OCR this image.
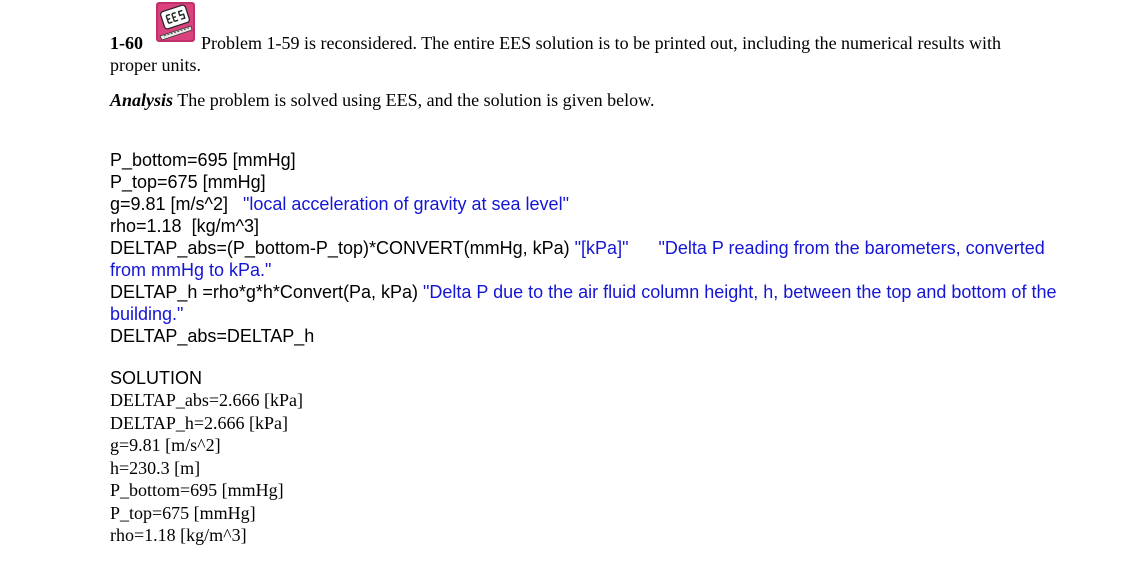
1-60	Problem 1-59 is reconsidered. The entire EES solution is to be printed out, including the numerical results with
proper units.
Analysis The problem is solved using EES, and the solution is given below.
P_bottom=695 [mmHg]
P_top=675 [mmHg]
g=9.81 [m/s^2]   "local acceleration of gravity at sea level"
rho=1.18  [kg/m^3]
DELTAP_abs=(P_bottom-P_top)*CONVERT(mmHg, kPa) "[kPa]"      "Delta P reading from the barometers, converted from mmHg to kPa."
DELTAP_h =rho*g*h*Convert(Pa, kPa) "Delta P due to the air fluid column height, h, between the top and bottom of the building."
DELTAP_abs=DELTAP_h
SOLUTION
DELTAP_abs=2.666 [kPa]
DELTAP_h=2.666 [kPa]
g=9.81 [m/s^2]
h=230.3 [m]
P_bottom=695 [mmHg]
P_top=675 [mmHg]
rho=1.18 [kg/m^3]
